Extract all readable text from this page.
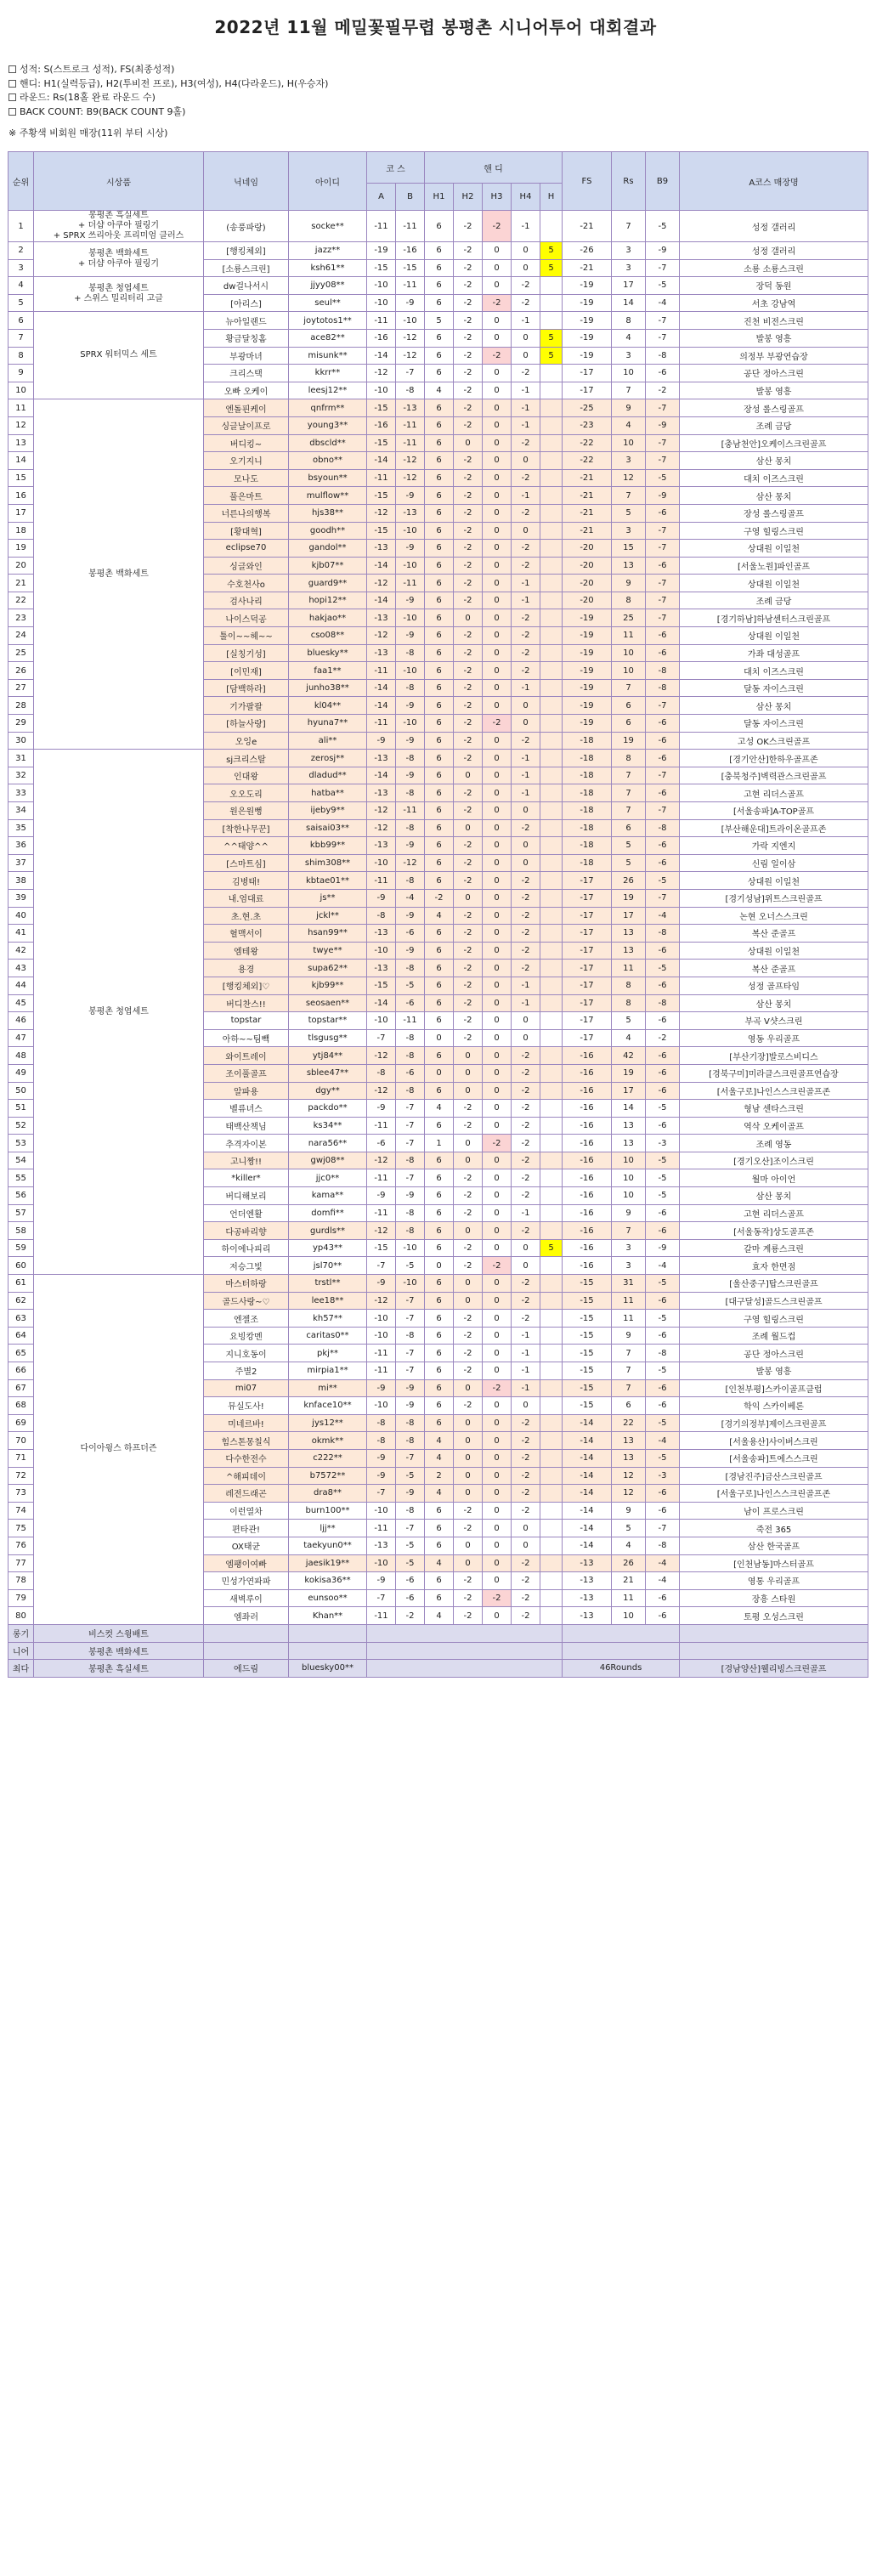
2022년 11월 메밀꽃필무렵 봉평촌 시니어투어 대회결과
성적: S(스트로크 성적), FS(최종성적)
핸디: H1(실력등급), H2(투비전 프로), H3(여성), H4(다라운드), H(우승자)
라운드: Rs(18홀 완료 라운드 수)
BACK COUNT: B9(BACK COUNT 9홀)
※ 주황색 비회원 매장(11위 부터 시상)
순위	시상품	닉네임	아이디	코 스		핸 디					FS	Rs	B9	A코스 매장명
				A	B	H1	H2	H3	H4	H				
1	봉평촌 흑실세트
+ 더샵 아쿠아 필링기
+ SPRX 쓰리아웃 프리미엄 클러스	(송풍파랑)	socke**	-11	-11	6	-2	-2	-1		-21	7	-5	성정 갤러리
2	봉평촌 백화세트
+ 더샵 아쿠아 필링기	[행킹체외]	jazz**	-19	-16	6	-2	0	0	5	-26	3	-9	성정 갤러리
3		[소룡스크린]	ksh61**	-15	-15	6	-2	0	0	5	-21	3	-7	소룡 소룡스크린
4	봉평촌 청엽세트
+ 스위스 밀리터리 고글	dw걸나서시	jjyy08**	-10	-11	6	-2	0	-2		-19	17	-5	장덕 동원
5		[아리스]	seul**	-10	-9	6	-2	-2	-2		-19	14	-4	서초 강남역
6	SPRX 워터믹스 세트	뉴아일랜드	joytotos1**	-11	-10	5	-2	0	-1		-19	8	-7	진천 비전스크린
7		황금달칭홈	ace82**	-16	-12	6	-2	0	0	5	-19	4	-7	발봉 영흥
8		부광마녀	misunk**	-14	-12	6	-2	-2	0	5	-19	3	-8	의정부 부광연습장
9		크리스택	kkrr**	-12	-7	6	-2	0	-2		-17	10	-6	공단 정아스크린
10		오빠 오케이	leesj12**	-10	-8	4	-2	0	-1		-17	7	-2	발봉 영흥
11	봉평촌 백화세트	엔돌핀케이	qnfrm**	-15	-13	6	-2	0	-1		-25	9	-7	장성 롤스링골프
12		싱글날이프로	young3**	-16	-11	6	-2	0	-1		-23	4	-9	조례 금당
13		버디킹~	dbscld**	-15	-11	6	0	0	-2		-22	10	-7	[충남천안]오케이스크린골프
14		오기지니	obno**	-14	-12	6	-2	0	0		-22	3	-7	삼산 몽치
15		모나도	bsyoun**	-11	-12	6	-2	0	-2		-21	12	-5	대치 이즈스크린
16		풀은마트	mulflow**	-15	-9	6	-2	0	-1		-21	7	-9	삼산 몽치
17		너른나의행복	hjs38**	-12	-13	6	-2	0	-2		-21	5	-6	장성 롤스링골프
18		[황대혁]	goodh**	-15	-10	6	-2	0	0		-21	3	-7	구영 힐링스크린
19		eclipse70	gandol**	-13	-9	6	-2	0	-2		-20	15	-7	상대원 이일천
20		싱글와인	kjb07**	-14	-10	6	-2	0	-2		-20	13	-6	[서울노원]파인골프
21		수호천사o	guard9**	-12	-11	6	-2	0	-1		-20	9	-7	상대원 이일천
22		검사나리	hopi12**	-14	-9	6	-2	0	-1		-20	8	-7	조례 금당
23		나이스덕공	hakjao**	-13	-10	6	0	0	-2		-19	25	-7	[경기하남]하남센터스크린골프
24		툴이~~헤~~	cso08**	-12	-9	6	-2	0	-2		-19	11	-6	상대원 이일천
25		[실칭기성]	bluesky**	-13	-8	6	-2	0	-2		-19	10	-6	가좌 대성골프
26		[이민재]	faa1**	-11	-10	6	-2	0	-2		-19	10	-8	대치 이즈스크린
27		[담백하라]	junho38**	-14	-8	6	-2	0	-1		-19	7	-8	달동 자이스크린
28		기가팔팔	kl04**	-14	-9	6	-2	0	0		-19	6	-7	삼산 몽치
29		[하늘사랑]	hyuna7**	-11	-10	6	-2	-2	0		-19	6	-6	달동 자이스크린
30		오잉e	ali**	-9	-9	6	-2	0	-2		-18	19	-6	고성 OK스크린골프
31	봉평촌 청엽세트	sj크리스탈	zerosj**	-13	-8	6	-2	0	-1		-18	8	-6	[경기안산]한하우골프존
32		인대왕	dladud**	-14	-9	6	0	0	-1		-18	7	-7	[충북청주]벽력관스크린골프
33		오오도리	hatba**	-13	-8	6	-2	0	-1		-18	7	-6	고현 리더스골프
34		원은원뻥	ijeby9**	-12	-11	6	-2	0	0		-18	7	-7	[서울송파]A-TOP골프
35		[착한나무꾼]	saisai03**	-12	-8	6	0	0	-2		-18	6	-8	[부산해운대]트라이온골프존
36		^^태양^^	kbb99**	-13	-9	6	-2	0	0		-18	5	-6	가락 지엔지
37		[스마트심]	shim308**	-10	-12	6	-2	0	0		-18	5	-6	신림 일이삼
38		김병태!	kbtae01**	-11	-8	6	-2	0	-2		-17	26	-5	상대원 이일천
39		내.엄대료	js**	-9	-4	-2	0	0	-2		-17	19	-7	[경기성남]위트스크린골프
40		초.현.초	jckl**	-8	-9	4	-2	0	-2		-17	17	-4	논현 오너스스크린
41		혈맥서이	hsan99**	-13	-6	6	-2	0	-2		-17	13	-8	복산 준골프
42		엠테왕	twye**	-10	-9	6	-2	0	-2		-17	13	-6	상대원 이일천
43		용경	supa62**	-13	-8	6	-2	0	-2		-17	11	-5	복산 준골프
44		[행킹체외]♡	kjb99**	-15	-5	6	-2	0	-1		-17	8	-6	성정 골프타임
45		버디찬스!!	seosaen**	-14	-6	6	-2	0	-1		-17	8	-8	삼산 몽치
46		topstar	topstar**	-10	-11	6	-2	0	0		-17	5	-6	부곡 V샷스크린
47		아하~~팀빽	tlsgusg**	-7	-8	0	-2	0	0		-17	4	-2	영동 우리골프
48		와이트레이	ytj84**	-12	-8	6	0	0	-2		-16	42	-6	[부산기장]발로스비디스
49		조이풀골프	sblee47**	-8	-6	0	0	0	-2		-16	19	-6	[경북구미]미라클스크린골프연습장
50		알파용	dgy**	-12	-8	6	0	0	-2		-16	17	-6	[서울구로]나인스스크린골프존
51		벨류녀스	packdo**	-9	-7	4	-2	0	-2		-16	14	-5	형남 센타스크린
52		태백산책님	ks34**	-11	-7	6	-2	0	-2		-16	13	-6	역삭 오케이골프
53		추격자이본	nara56**	-6	-7	1	0	-2	-2		-16	13	-3	조례 영동
54		고니짱!!	gwj08**	-12	-8	6	0	0	-2		-16	10	-5	[경기오산]조이스크린
55		*killer*	jjc0**	-11	-7	6	-2	0	-2		-16	10	-5	월마 아이언
56		버디해보리	kama**	-9	-9	6	-2	0	-2		-16	10	-5	삼산 몽치
57		언더엔활	domfi**	-11	-8	6	-2	0	-1		-16	9	-6	고현 리더스골프
58		다공바리향	gurdls**	-12	-8	6	0	0	-2		-16	7	-6	[서울동작]상도골프존
59		하이에나피리	yp43**	-15	-10	6	-2	0	0	5	-16	3	-9	갈마 계룡스크린
60		저승그빛	jsl70**	-7	-5	0	-2	-2	0		-16	3	-4	효자 한면점
61	다이아윙스 하프더즌	마스터하랑	trstl**	-9	-10	6	0	0	-2		-15	31	-5	[울산중구]탑스크린골프
62		골드사랑~♡	lee18**	-12	-7	6	0	0	-2		-15	11	-6	[대구달성]골드스크린골프
63		엔젤조	kh57**	-10	-7	6	-2	0	-2		-15	11	-5	구영 힐링스크린
64		요빙캉멘	caritas0**	-10	-8	6	-2	0	-1		-15	9	-6	조례 월드컵
65		지니호동이	pkj**	-11	-7	6	-2	0	-1		-15	7	-8	공단 정아스크린
66		주별2	mirpia1**	-11	-7	6	-2	0	-1		-15	7	-5	발봉 영흥
67		mi07	mi**	-9	-9	6	0	-2	-1		-15	7	-6	[인천부평]스카이골프클럽
68		뮤실도사!	knface10**	-10	-9	6	-2	0	0		-15	6	-6	학익 스카이베론
69		미네르바!	jys12**	-8	-8	6	0	0	-2		-14	22	-5	[경기의정부]제이스크린골프
70		힘스톤몽칠식	okmk**	-8	-8	4	0	0	-2		-14	13	-4	[서울용산]사이버스크린
71		다수한전수	c222**	-9	-7	4	0	0	-2		-14	13	-5	[서울송파]트에스스크린
72		^해피데이	b7572**	-9	-5	2	0	0	-2		-14	12	-3	[경남진주]금산스크린골프
73		레전드래곤	dra8**	-7	-9	4	0	0	-2		-14	12	-6	[서울구로]나인스스크린골프존
74		이런열차	burn100**	-10	-8	6	-2	0	-2		-14	9	-6	남이 프로스크린
75		편타관!	ljj**	-11	-7	6	-2	0	0		-14	5	-7	죽전 365
76		OX태균	taekyun0**	-13	-5	6	0	0	0		-14	4	-8	삼산 한국골프
77		엠팽이여빠	jaesik19**	-10	-5	4	0	0	-2		-13	26	-4	[인천남동]마스터골프
78		민성가연파파	kokisa36**	-9	-6	6	-2	0	-2		-13	21	-4	영통 우리골프
79		새벽루이	eunsoo**	-7	-6	6	-2	-2	-2		-13	11	-6	장흥 스타원
80		엠좌러	Khan**	-11	-2	4	-2	0	-2		-13	10	-6	토평 오성스크린
롱기	비스컷 스윙배트													
니어	봉평촌 백화세트													
최다	봉평촌 흑실세트	에드림	bluesky00**								46Rounds			[경남양산]웰리빙스크린골프
